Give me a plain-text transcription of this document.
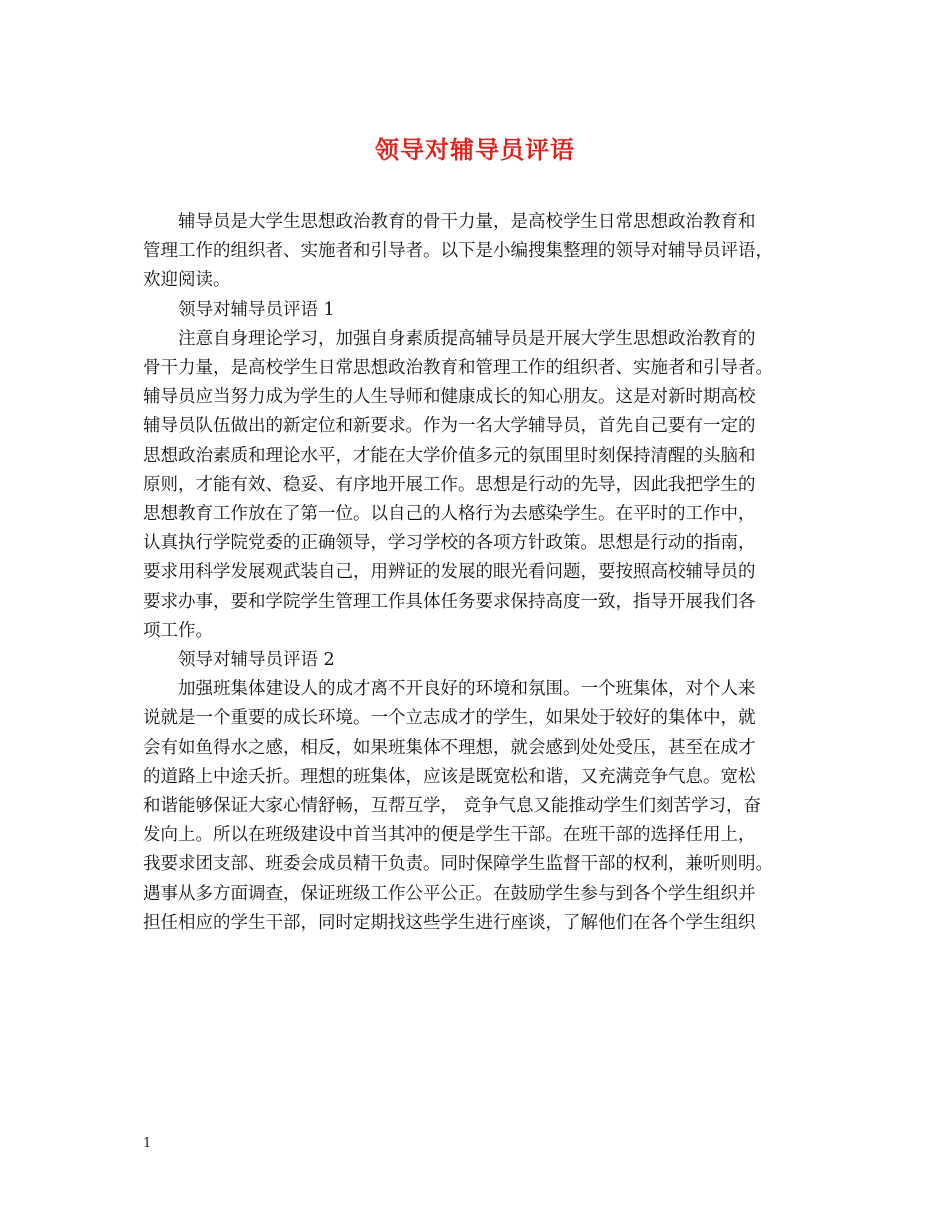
领导对辅导员评语
辅导员是大学生思想政治教育的骨干力量，是高校学生日常思想政治教育和
管理工作的组织者、实施者和引导者。以下是小编搜集整理的领导对辅导员评语，
欢迎阅读。
领导对辅导员评语 1
注意自身理论学习，加强自身素质提高辅导员是开展大学生思想政治教育的
骨干力量，是高校学生日常思想政治教育和管理工作的组织者、实施者和引导者。
辅导员应当努力成为学生的人生导师和健康成长的知心朋友。这是对新时期高校
辅导员队伍做出的新定位和新要求。作为一名大学辅导员，首先自己要有一定的
思想政治素质和理论水平，才能在大学价值多元的氛围里时刻保持清醒的头脑和
原则，才能有效、稳妥、有序地开展工作。思想是行动的先导，因此我把学生的
思想教育工作放在了第一位。以自己的人格行为去感染学生。在平时的工作中，
认真执行学院党委的正确领导，学习学校的各项方针政策。思想是行动的指南，
要求用科学发展观武装自己，用辨证的发展的眼光看问题，要按照高校辅导员的
要求办事，要和学院学生管理工作具体任务要求保持高度一致，指导开展我们各
项工作。
领导对辅导员评语 2
加强班集体建设人的成才离不开良好的环境和氛围。一个班集体，对个人来
说就是一个重要的成长环境。一个立志成才的学生，如果处于较好的集体中，就
会有如鱼得水之感，相反，如果班集体不理想，就会感到处处受压，甚至在成才
的道路上中途夭折。理想的班集体，应该是既宽松和谐，又充满竞争气息。宽松
和谐能够保证大家心情舒畅，互帮互学， 竞争气息又能推动学生们刻苦学习，奋
发向上。所以在班级建设中首当其冲的便是学生干部。在班干部的选择任用上，
我要求团支部、班委会成员精干负责。同时保障学生监督干部的权利，兼听则明。
遇事从多方面调查，保证班级工作公平公正。在鼓励学生参与到各个学生组织并
担任相应的学生干部，同时定期找这些学生进行座谈，了解他们在各个学生组织
1
